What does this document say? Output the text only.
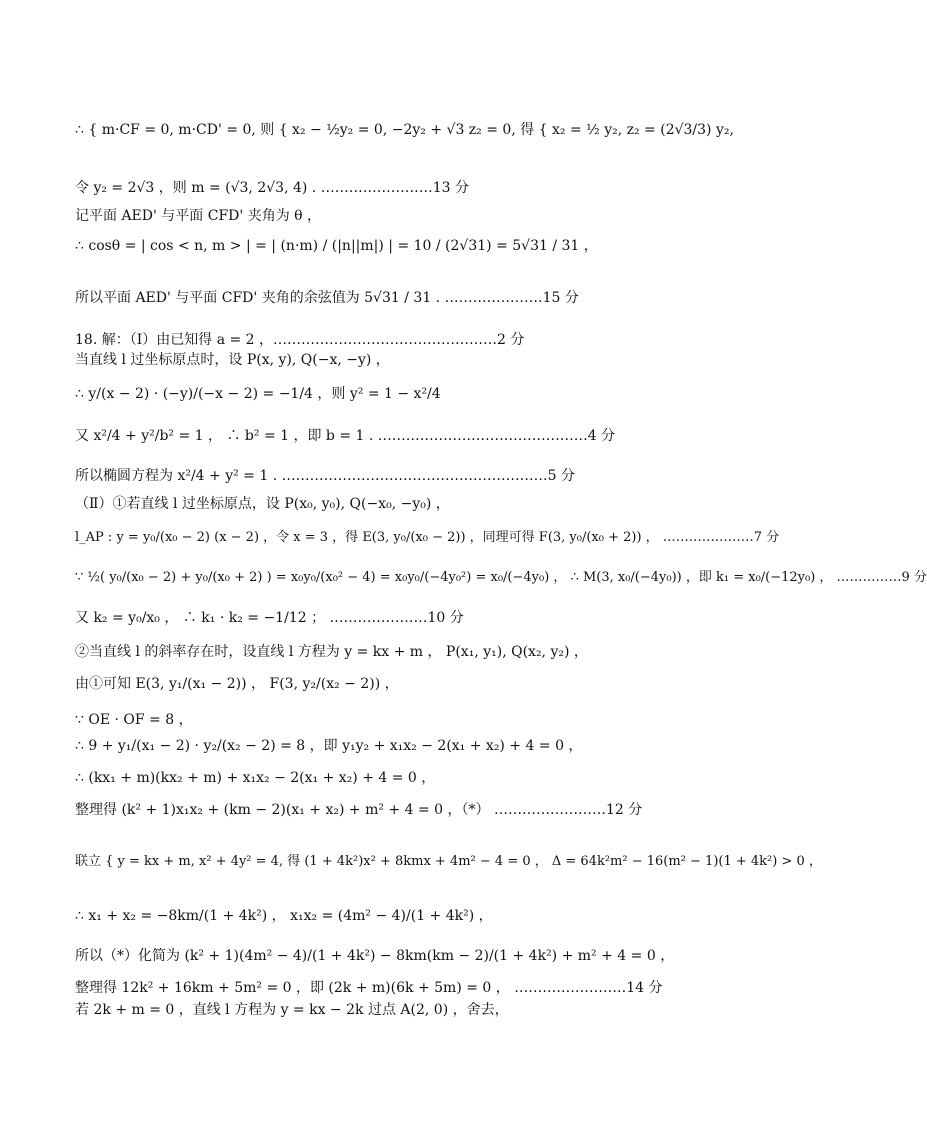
∴ { m·CF = 0, m·CD' = 0, 则 { x₂ − ½y₂ = 0, −2y₂ + √3 z₂ = 0, 得 { x₂ = ½ y₂, z₂ = (2√3/3) y₂,
令 y₂ = 2√3 ，则 m = (√3, 2√3, 4) . ……………………13 分
记平面 AED' 与平面 CFD' 夹角为 θ ，
∴ cosθ = | cos < n, m > | = | (n·m) / (|n||m|) | = 10 / (2√31) = 5√31 / 31 ，
所以平面 AED' 与平面 CFD' 夹角的余弦值为 5√31 / 31 . …………………15 分
18. 解：（Ⅰ）由已知得 a = 2 ，…………………………………………2 分
当直线 l 过坐标原点时，设 P(x, y), Q(−x, −y) ，
∴ y/(x − 2) · (−y)/(−x − 2) = −1/4 ，则 y² = 1 − x²/4
又 x²/4 + y²/b² = 1 ， ∴ b² = 1 ，即 b = 1 . ………………………………………4 分
所以椭圆方程为 x²/4 + y² = 1 . …………………………………………………5 分
（Ⅱ）①若直线 l 过坐标原点，设 P(x₀, y₀), Q(−x₀, −y₀) ，
l_AP : y = y₀/(x₀ − 2) (x − 2) ，令 x = 3 ，得 E(3, y₀/(x₀ − 2)) ，同理可得 F(3, y₀/(x₀ + 2)) ， …………………7 分
∵ ½( y₀/(x₀ − 2) + y₀/(x₀ + 2) ) = x₀y₀/(x₀² − 4) = x₀y₀/(−4y₀²) = x₀/(−4y₀) ， ∴ M(3, x₀/(−4y₀)) ，即 k₁ = x₀/(−12y₀) ， ……………9 分
又 k₂ = y₀/x₀ ， ∴ k₁ · k₂ = −1/12 ； …………………10 分
②当直线 l 的斜率存在时，设直线 l 方程为 y = kx + m ， P(x₁, y₁), Q(x₂, y₂) ，
由①可知 E(3, y₁/(x₁ − 2)) ， F(3, y₂/(x₂ − 2)) ，
∵ OE · OF = 8 ，
∴ 9 + y₁/(x₁ − 2) · y₂/(x₂ − 2) = 8 ，即 y₁y₂ + x₁x₂ − 2(x₁ + x₂) + 4 = 0 ，
∴ (kx₁ + m)(kx₂ + m) + x₁x₂ − 2(x₁ + x₂) + 4 = 0 ，
整理得 (k² + 1)x₁x₂ + (km − 2)(x₁ + x₂) + m² + 4 = 0 ，（*） ……………………12 分
联立 { y = kx + m, x² + 4y² = 4, 得 (1 + 4k²)x² + 8kmx + 4m² − 4 = 0 ， Δ = 64k²m² − 16(m² − 1)(1 + 4k²) > 0 ，
∴ x₁ + x₂ = −8km/(1 + 4k²) ， x₁x₂ = (4m² − 4)/(1 + 4k²) ，
所以（*）化简为 (k² + 1)(4m² − 4)/(1 + 4k²) − 8km(km − 2)/(1 + 4k²) + m² + 4 = 0 ，
整理得 12k² + 16km + 5m² = 0 ，即 (2k + m)(6k + 5m) = 0 ， ……………………14 分
若 2k + m = 0 ，直线 l 方程为 y = kx − 2k 过点 A(2, 0) ，舍去，
